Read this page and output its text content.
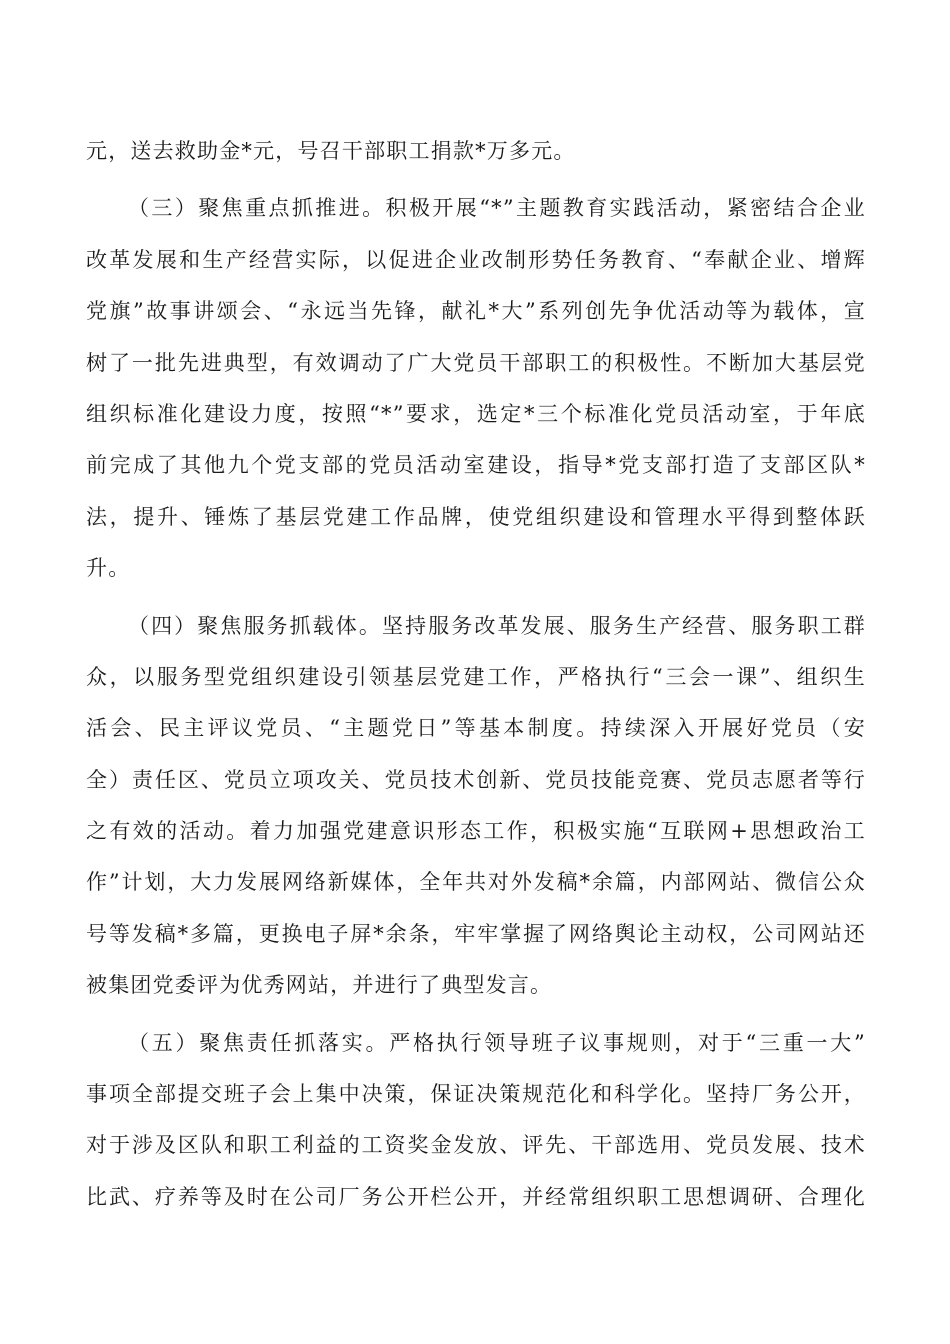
元，送去救助金*元，号召干部职工捐款*万多元。
（三）聚焦重点抓推进。积极开展“*”主题教育实践活动，紧密结合企业
改革发展和生产经营实际，以促进企业改制形势任务教育、“奉献企业、增辉
党旗”故事讲颂会、“永远当先锋，献礼*大”系列创先争优活动等为载体，宣
树了一批先进典型，有效调动了广大党员干部职工的积极性。不断加大基层党
组织标准化建设力度，按照“*”要求，选定*三个标准化党员活动室，于年底
前完成了其他九个党支部的党员活动室建设，指导*党支部打造了支部区队*
法，提升、锤炼了基层党建工作品牌，使党组织建设和管理水平得到整体跃
升。
（四）聚焦服务抓载体。坚持服务改革发展、服务生产经营、服务职工群
众，以服务型党组织建设引领基层党建工作，严格执行“三会一课”、组织生
活会、民主评议党员、“主题党日”等基本制度。持续深入开展好党员（安
全）责任区、党员立项攻关、党员技术创新、党员技能竞赛、党员志愿者等行
之有效的活动。着力加强党建意识形态工作，积极实施“互联网+思想政治工
作”计划，大力发展网络新媒体，全年共对外发稿*余篇，内部网站、微信公众
号等发稿*多篇，更换电子屏*余条，牢牢掌握了网络舆论主动权，公司网站还
被集团党委评为优秀网站，并进行了典型发言。
（五）聚焦责任抓落实。严格执行领导班子议事规则，对于“三重一大”
事项全部提交班子会上集中决策，保证决策规范化和科学化。坚持厂务公开，
对于涉及区队和职工利益的工资奖金发放、评先、干部选用、党员发展、技术
比武、疗养等及时在公司厂务公开栏公开，并经常组织职工思想调研、合理化
